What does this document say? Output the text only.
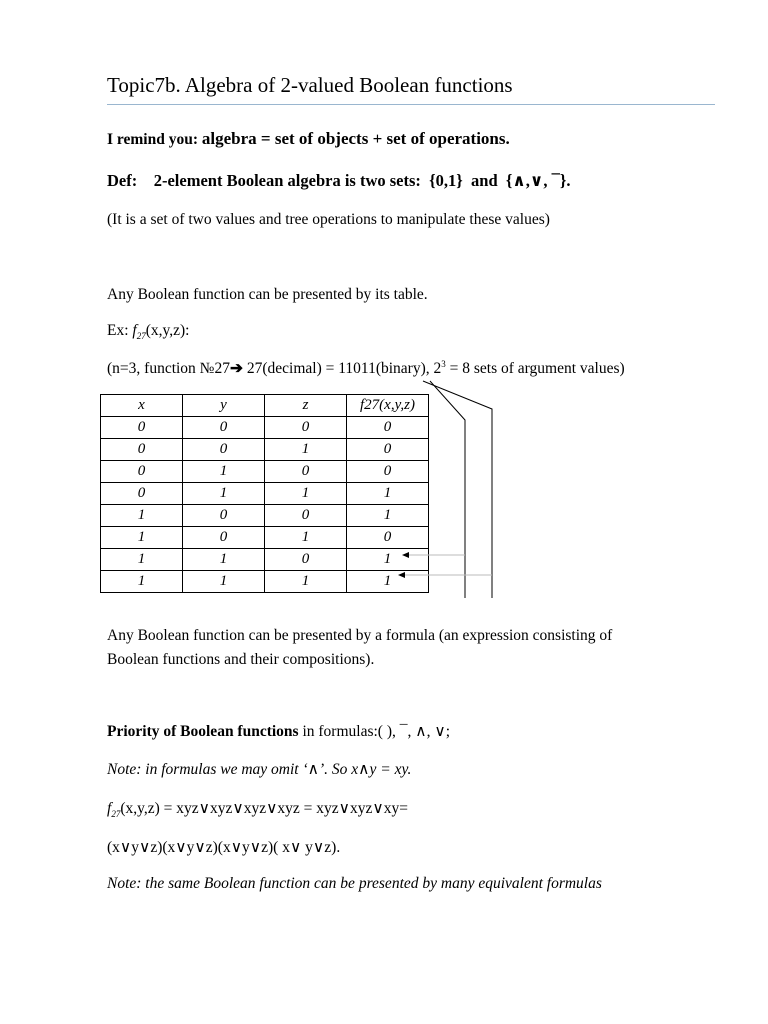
Topic7b. Algebra of 2-valued Boolean functions
I remind you: algebra = set of objects + set of operations.
Def: 2-element Boolean algebra is two sets: {0,1} and {∧,∨, ¯}.
(It is a set of two values and tree operations to manipulate these values)
Any Boolean function can be presented by its table.
Ex: $f_{27}(x,y,z)$:
(n=3, function №27➔ 27(decimal) = 11011(binary), $2^3 = 8$ sets of argument values)
x	y	z	f27(x,y,z)
0	0	0	0
0	0	1	0
0	1	0	0
0	1	1	1
1	0	0	1
1	0	1	0
1	1	0	1
1	1	1	1
Any Boolean function can be presented by a formula (an expression consisting of
Boolean functions and their compositions).
Priority of Boolean functions in formulas:( ), ¯, ∧, ∨;
Note: in formulas we may omit ‘∧’. So x∧y = xy.
$f_{27}(x,y,z)$ = xyz∨xyz∨xyz∨xyz = xyz∨xyz∨xy=
(x∨y∨z)(x∨y∨z)(x∨y∨z)( x∨ y∨z).
Note: the same Boolean function can be presented by many equivalent formulas
